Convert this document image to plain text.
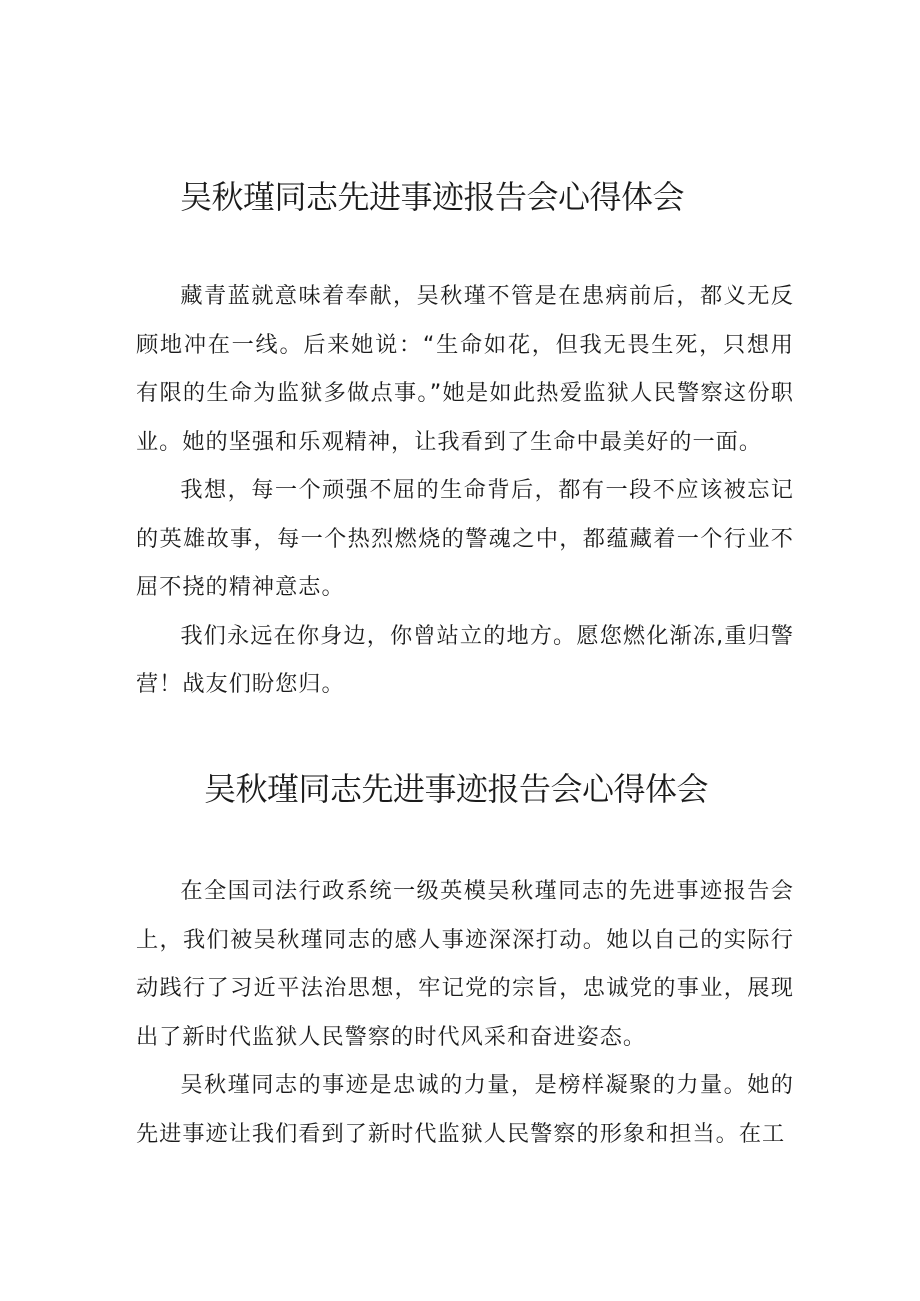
吴秋瑾同志先进事迹报告会心得体会

藏青蓝就意味着奉献，吴秋瑾不管是在患病前后，都义无反顾地冲在一线。后来她说：“生命如花，但我无畏生死，只想用有限的生命为监狱多做点事。”她是如此热爱监狱人民警察这份职业。她的坚强和乐观精神，让我看到了生命中最美好的一面。

我想，每一个顽强不屈的生命背后，都有一段不应该被忘记的英雄故事，每一个热烈燃烧的警魂之中，都蕴藏着一个行业不屈不挠的精神意志。

我们永远在你身边，你曾站立的地方。愿您燃化渐冻,重归警营！战友们盼您归。

吴秋瑾同志先进事迹报告会心得体会

在全国司法行政系统一级英模吴秋瑾同志的先进事迹报告会上，我们被吴秋瑾同志的感人事迹深深打动。她以自己的实际行动践行了习近平法治思想，牢记党的宗旨，忠诚党的事业，展现出了新时代监狱人民警察的时代风采和奋进姿态。

吴秋瑾同志的事迹是忠诚的力量，是榜样凝聚的力量。她的先进事迹让我们看到了新时代监狱人民警察的形象和担当。在工
